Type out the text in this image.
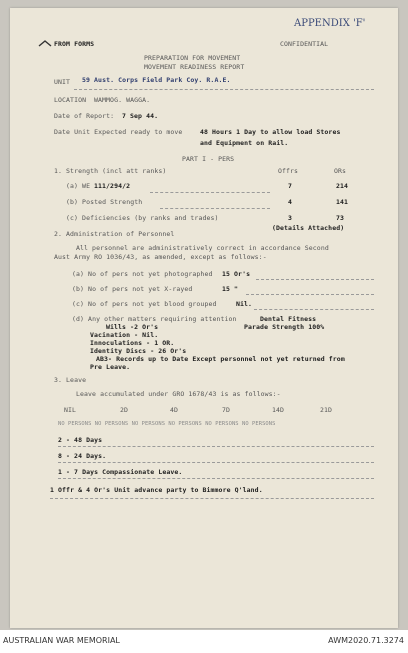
APPENDIX 'F'
FROM FORMS	CONFIDENTIAL
PREPARATION FOR MOVEMENT
MOVEMENT READINESS REPORT
UNIT 59 Aust. Corps Field Park Coy. R.A.E.
LOCATION WAMMOG. WAGGA.
Date of Report: 7 Sep 44.
Date Unit Expected ready to move	48 Hours 1 Day to allow load Stores
and Equipment on Rail.
PART I - PERS
1. Strength (incl att ranks)	Offrs	ORs
(a) WE 111/294/2	7	214
(b) Posted Strength	4	141
(c) Deficiencies (by ranks and trades)	3	73
(Details Attached)
2. Administration of Personnel
All personnel are administratively correct in accordance Second
Aust Army RO 1036/43, as amended, except as follows:-
(a) No of pers not yet photographed 15 Or's
(b) No of pers not yet X-rayed	15 "
(c) No of pers not yet blood grouped	Nil.
(d) Any other matters requiring attention	Dental Fitness
Wills -2 Or's	Parade Strength 100%
Vacination - Nil.
Innoculations - 1 OR.
Identity Discs - 26 Or's
AB3- Records up to Date Except personnel not yet returned from
Pre Leave.
3. Leave
Leave accumulated under GRO 1678/43 is as follows:-
NIL	2D	4D	7D	14D	21D
NO PERSONS NO PERSONS NO PERSONS NO PERSONS NO PERSONS NO PERSONS
2 - 48 Days
8 - 24 Days.
1 - 7 Days Compassionate Leave.
1 Offr & 4 Or's Unit advance party to Bimmore Q'land.
AUSTRALIAN WAR MEMORIAL	AWM2020.71.3274
